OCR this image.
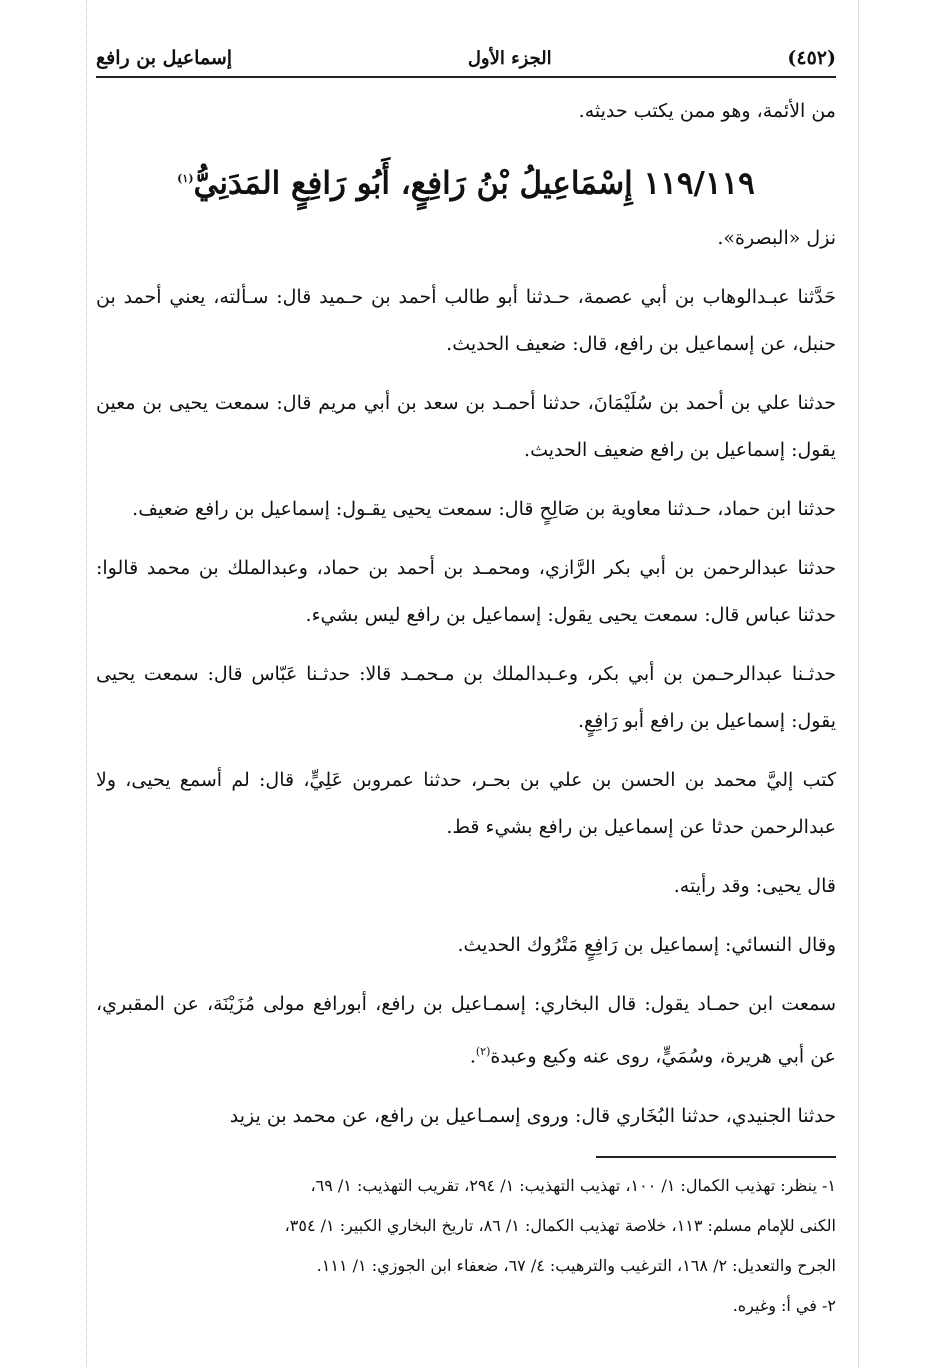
(٤٥٢)
الجزء الأول
إسماعيل بن رافع

من الأئمة، وهو ممن يكتب حديثه.

١١٩/١١٩ إِسْمَاعِيلُ بْنُ رَافِعٍ، أَبُو رَافِعٍ المَدَنِيُّ$^{(١)}$

نزل «البصرة».

حَدَّثنا عبـدالوهاب بن أبي عصمة، حـدثنا أبو طالب أحمد بن حـميد قال: سـألته، يعني أحمد بن حنبل، عن إسماعيل بن رافع، قال: ضعيف الحديث.

حدثنا علي بن أحمد بن سُلَيْمَانَ، حدثنا أحمـد بن سعد بن أبي مريم قال: سمعت يحيى بن معين يقول: إسماعيل بن رافع ضعيف الحديث.

حدثنا ابن حماد، حـدثنا معاوية بن صَالِحٍ قال: سمعت يحيى يقـول: إسماعيل بن رافع ضعيف.

حدثنا عبدالرحمن بن أبي بكر الرَّازي، ومحمـد بن أحمد بن حماد، وعبدالملك بن محمد قالوا: حدثنا عباس قال: سمعت يحيى يقول: إسماعيل بن رافع ليس بشيء.

حدثـنا عبدالرحـمن بن أبي بكر، وعـبدالملك بن مـحمـد قالا: حدثـنا عَبّاس قال: سمعت يحيى يقول: إسماعيل بن رافع أبو رَافِعٍ.

كتب إليَّ محمد بن الحسن بن علي بن بحـر، حدثنا عمروبن عَلِيٍّ، قال: لم أسمع يحيى، ولا عبدالرحمن حدثا عن إسماعيل بن رافع بشيء قط.

قال يحيى: وقد رأيته.

وقال النسائي: إسماعيل بن رَافِعٍ مَتْرُوك الحديث.

سمعت ابن حمـاد يقول: قال البخاري: إسمـاعيل بن رافع، أبورافع مولى مُزَيْنَة، عن المقبري، عن أبي هريرة، وسُمَيٍّ، روى عنه وكيع وعبدة$^{(٢)}$.

حدثنا الجنيدي، حدثنا البُخَاري قال: وروى إسمـاعيل بن رافع، عن محمد بن يزيد

١- ينظر: تهذيب الكمال: ١/ ١٠٠، تهذيب التهذيب: ١/ ٢٩٤، تقريب التهذيب: ١/ ٦٩،

الكنى للإمام مسلم: ١١٣، خلاصة تهذيب الكمال: ١/ ٨٦، تاريخ البخاري الكبير: ١/ ٣٥٤،

الجرح والتعديل: ٢/ ١٦٨، الترغيب والترهيب: ٤/ ٦٧، ضعفاء ابن الجوزي: ١/ ١١١.

٢- في أ: وغيره.
